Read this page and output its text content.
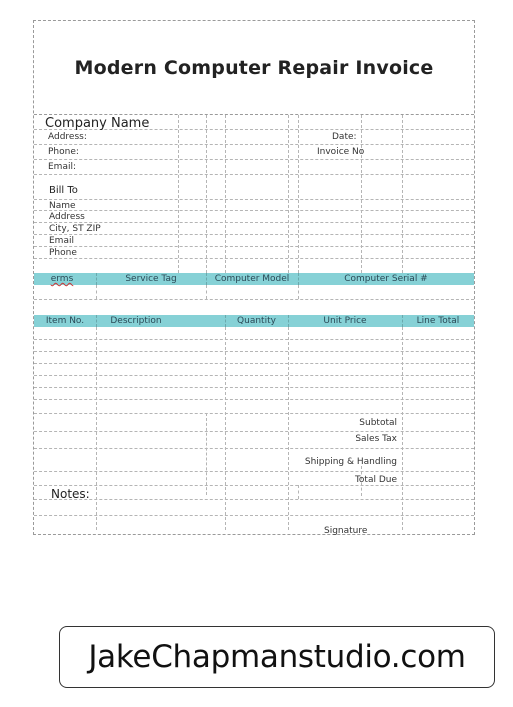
Modern Computer Repair Invoice
Company Name
Address:
Phone:
Email:
Date:
Invoice No
Bill To
Name
Address
City, ST ZIP
Email
Phone
erms	Service Tag	Computer Model	Computer Serial #
Item No.	Description	Quantity	Unit Price	Line Total
Subtotal
Sales Tax
Shipping & Handling
Total Due
Notes:
Signature
JakeChapmanstudio.com
